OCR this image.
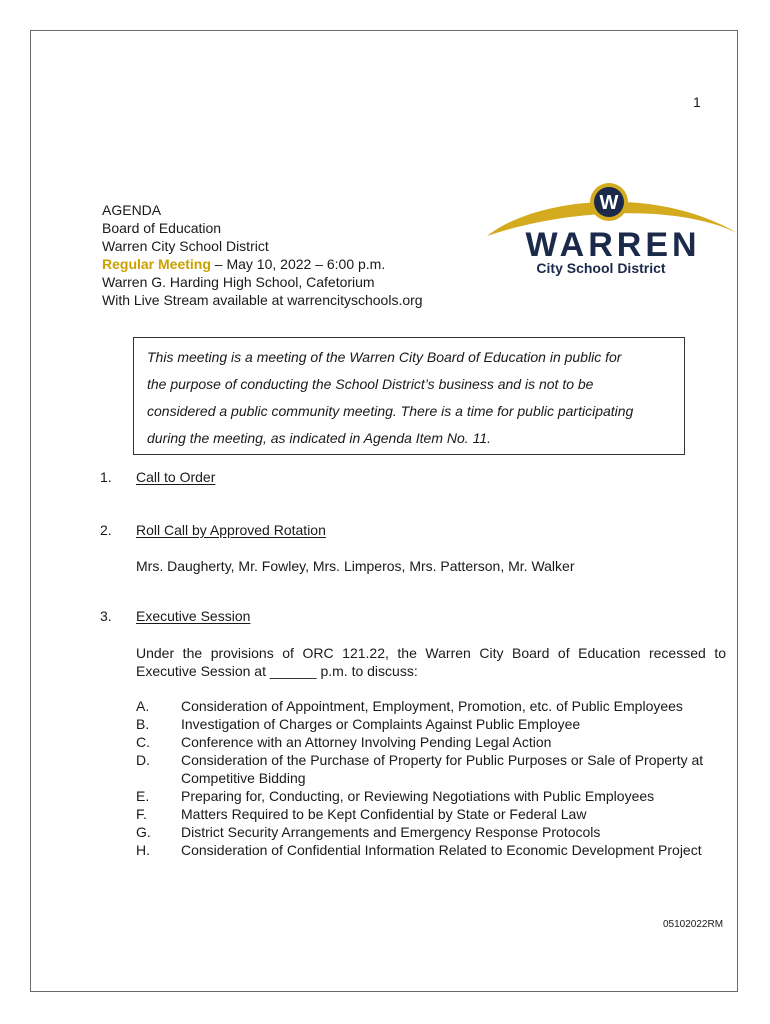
1
AGENDA
Board of Education
Warren City School District
Regular Meeting – May 10, 2022 – 6:00 p.m.
Warren G. Harding High School, Cafetorium
With Live Stream available at warrencityschools.org
W
WARREN
City School District
This meeting is a meeting of the Warren City Board of Education in public for
the purpose of conducting the School District’s business and is not to be
considered a public community meeting. There is a time for public participating
during the meeting, as indicated in Agenda Item No. 11.
1. Call to Order
2. Roll Call by Approved Rotation
Mrs. Daugherty, Mr. Fowley, Mrs. Limperos, Mrs. Patterson, Mr. Walker
3. Executive Session
Under the provisions of ORC 121.22, the Warren City Board of Education recessed to Executive Session at ______ p.m. to discuss:
A.	Consideration of Appointment, Employment, Promotion, etc. of Public Employees
B.	Investigation of Charges or Complaints Against Public Employee
C.	Conference with an Attorney Involving Pending Legal Action
D.	Consideration of the Purchase of Property for Public Purposes or Sale of Property at Competitive Bidding
E.	Preparing for, Conducting, or Reviewing Negotiations with Public Employees
F.	Matters Required to be Kept Confidential by State or Federal Law
G.	District Security Arrangements and Emergency Response Protocols
H.	Consideration of Confidential Information Related to Economic Development Project
05102022RM
